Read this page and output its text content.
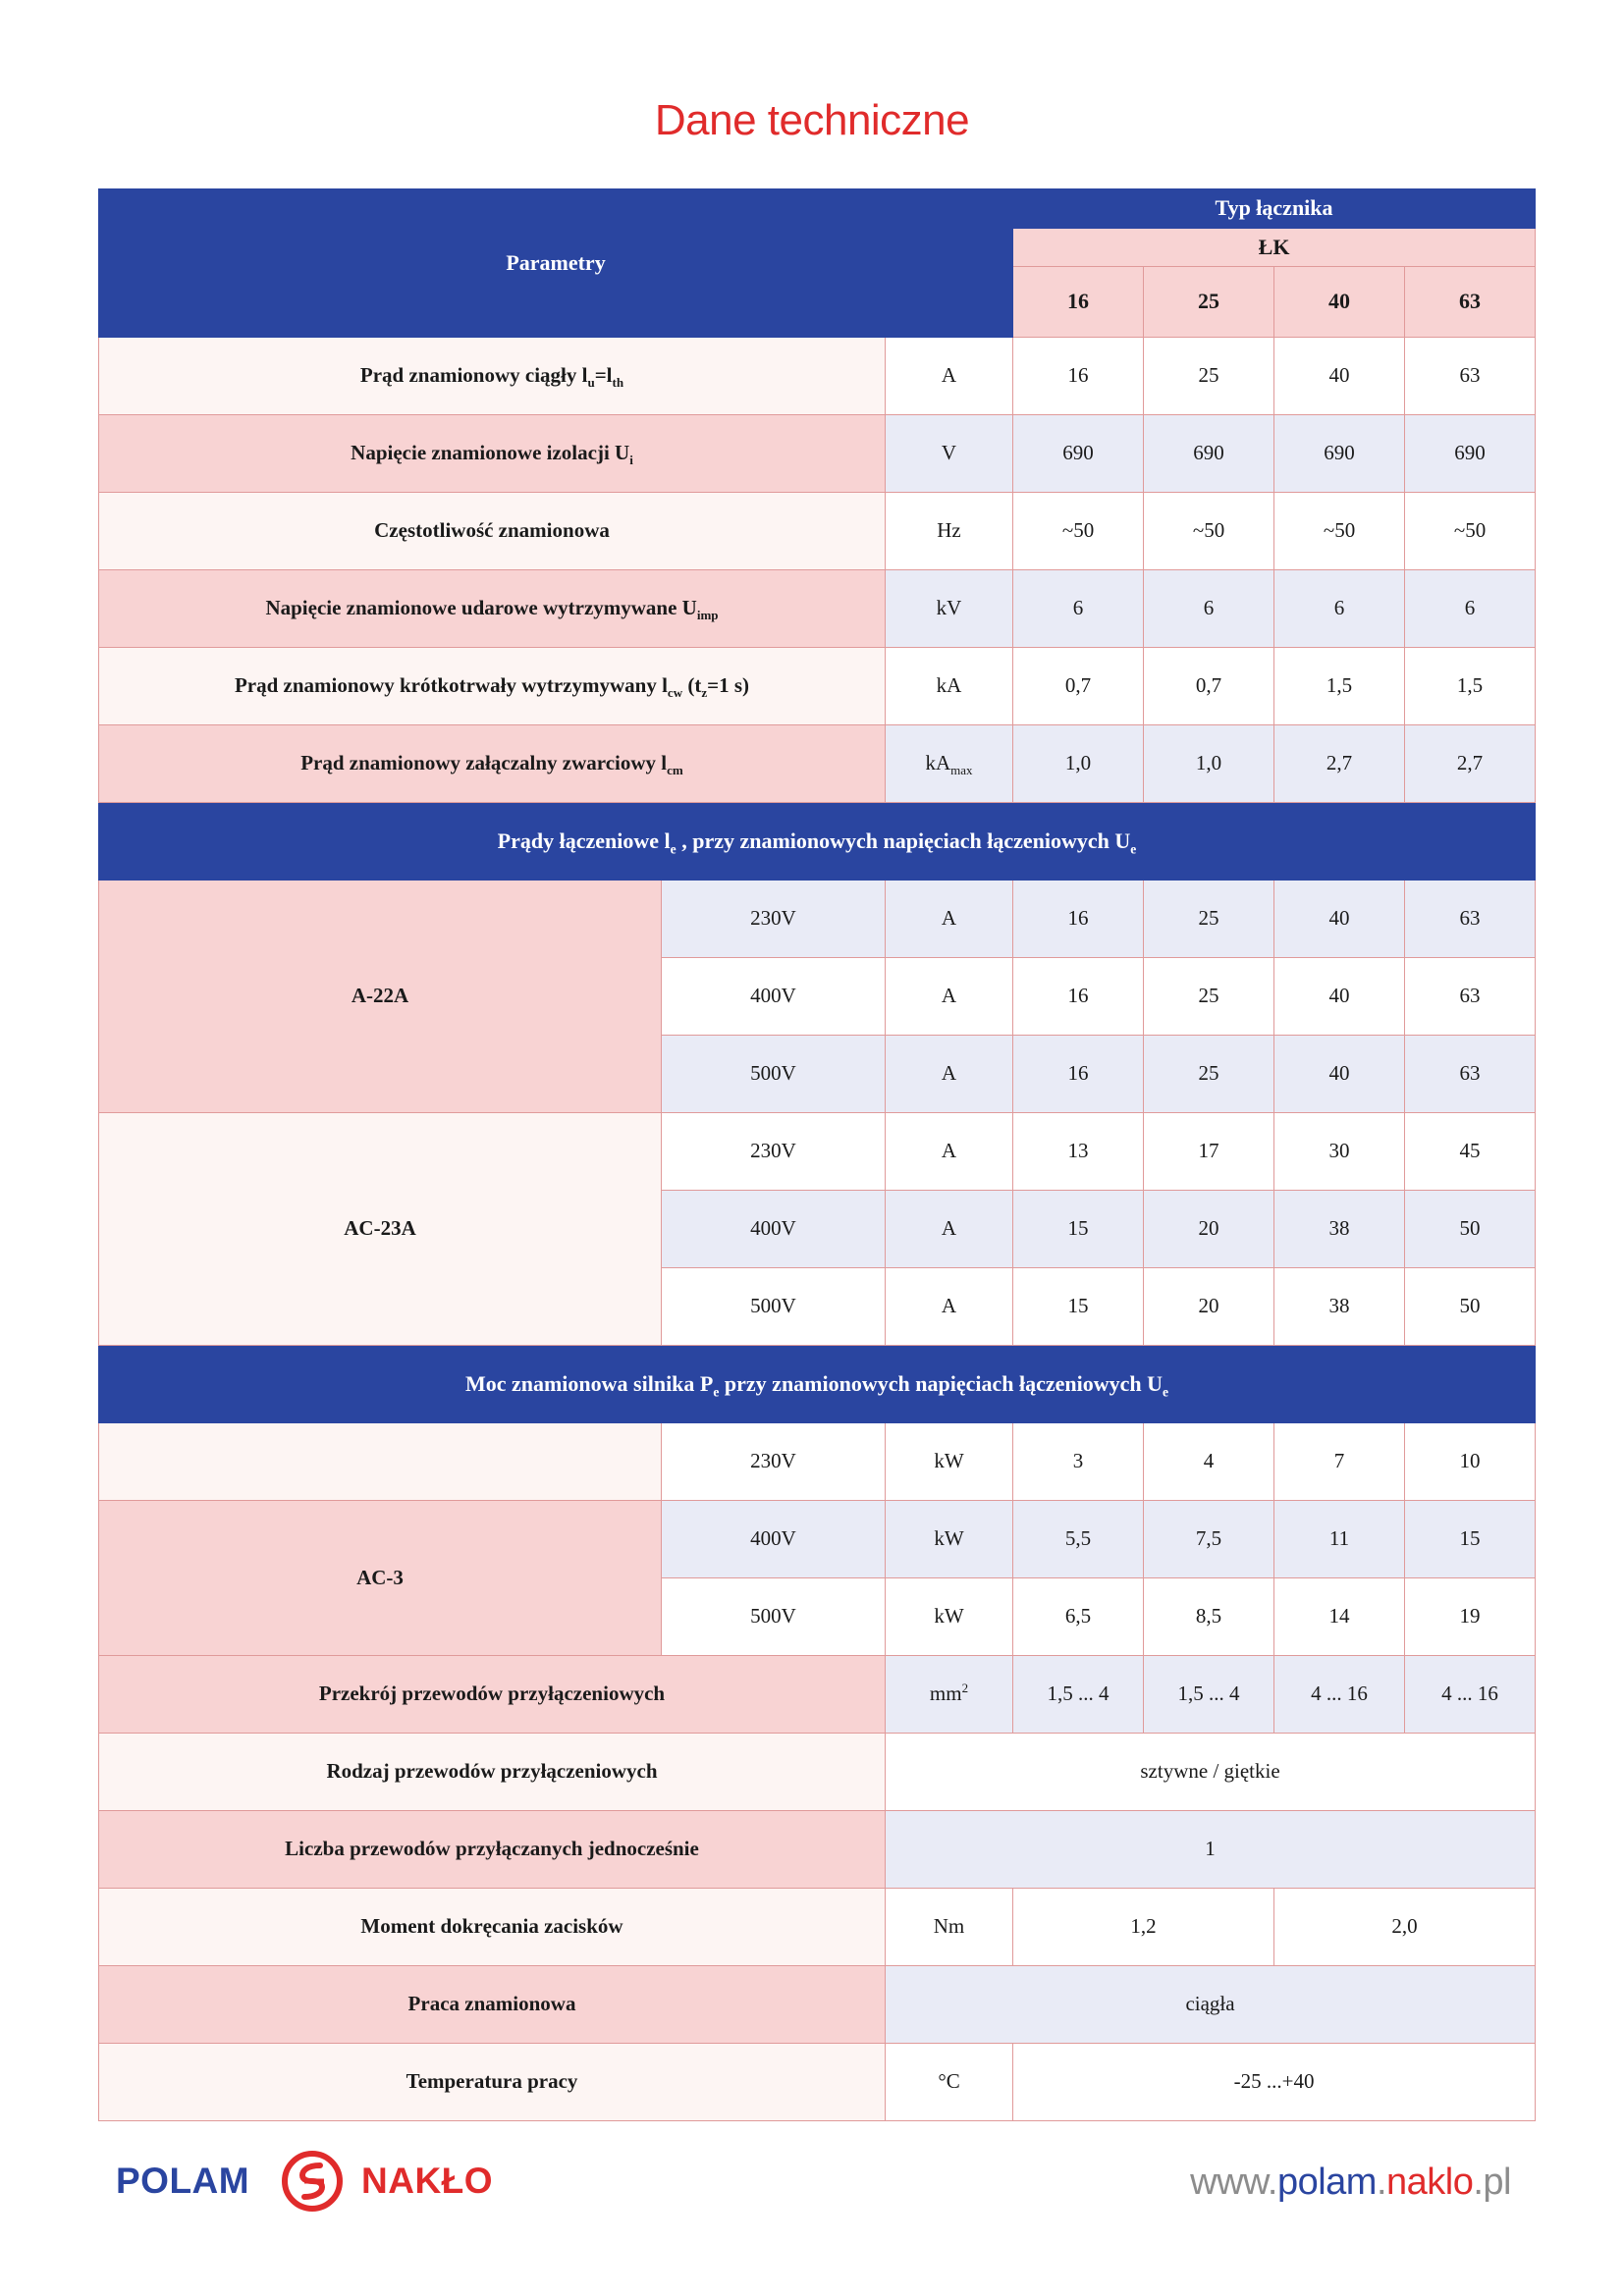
Dane techniczne
Parametry			Typ łącznika			
			ŁK			
			16	25	40	63
Prąd znamionowy ciągły $l_u=l_{th}$		A	16	25	40	63
Napięcie znamionowe izolacji $U_i$		V	690	690	690	690
Częstotliwość znamionowa		Hz	~50	~50	~50	~50
Napięcie znamionowe udarowe wytrzymywane $U_{imp}$		kV	6	6	6	6
Prąd znamionowy krótkotrwały wytrzymywany $l_{cw}$ ($t_z=1$ s)		kA	0,7	0,7	1,5	1,5
Prąd znamionowy załączalny zwarciowy $l_{cm}$		$kA_{max}$	1,0	1,0	2,7	2,7
Prądy łączeniowe $l_e$ , przy znamionowych napięciach łączeniowych $U_e$
A-22A	230V	A	16	25	40	63
	400V	A	16	25	40	63
	500V	A	16	25	40	63
AC-23A	230V	A	13	17	30	45
	400V	A	15	20	38	50
	500V	A	15	20	38	50
Moc znamionowa silnika $P_e$ przy znamionowych napięciach łączeniowych $U_e$
	230V	kW	3	4	7	10
AC-3	400V	kW	5,5	7,5	11	15
	500V	kW	6,5	8,5	14	19
Przekrój przewodów przyłączeniowych		$mm^2$	1,5 ... 4	1,5 ... 4	4 ... 16	4 ... 16
Rodzaj przewodów przyłączeniowych		sztywne / giętkie				
Liczba przewodów przyłączanych jednocześnie		1				
Moment dokręcania zacisków		Nm	1,2		2,0	
Praca znamionowa		ciągła				
Temperatura pracy		°C	-25 ...+40			
POLAM	NAKŁO	www.polam.naklo.pl
